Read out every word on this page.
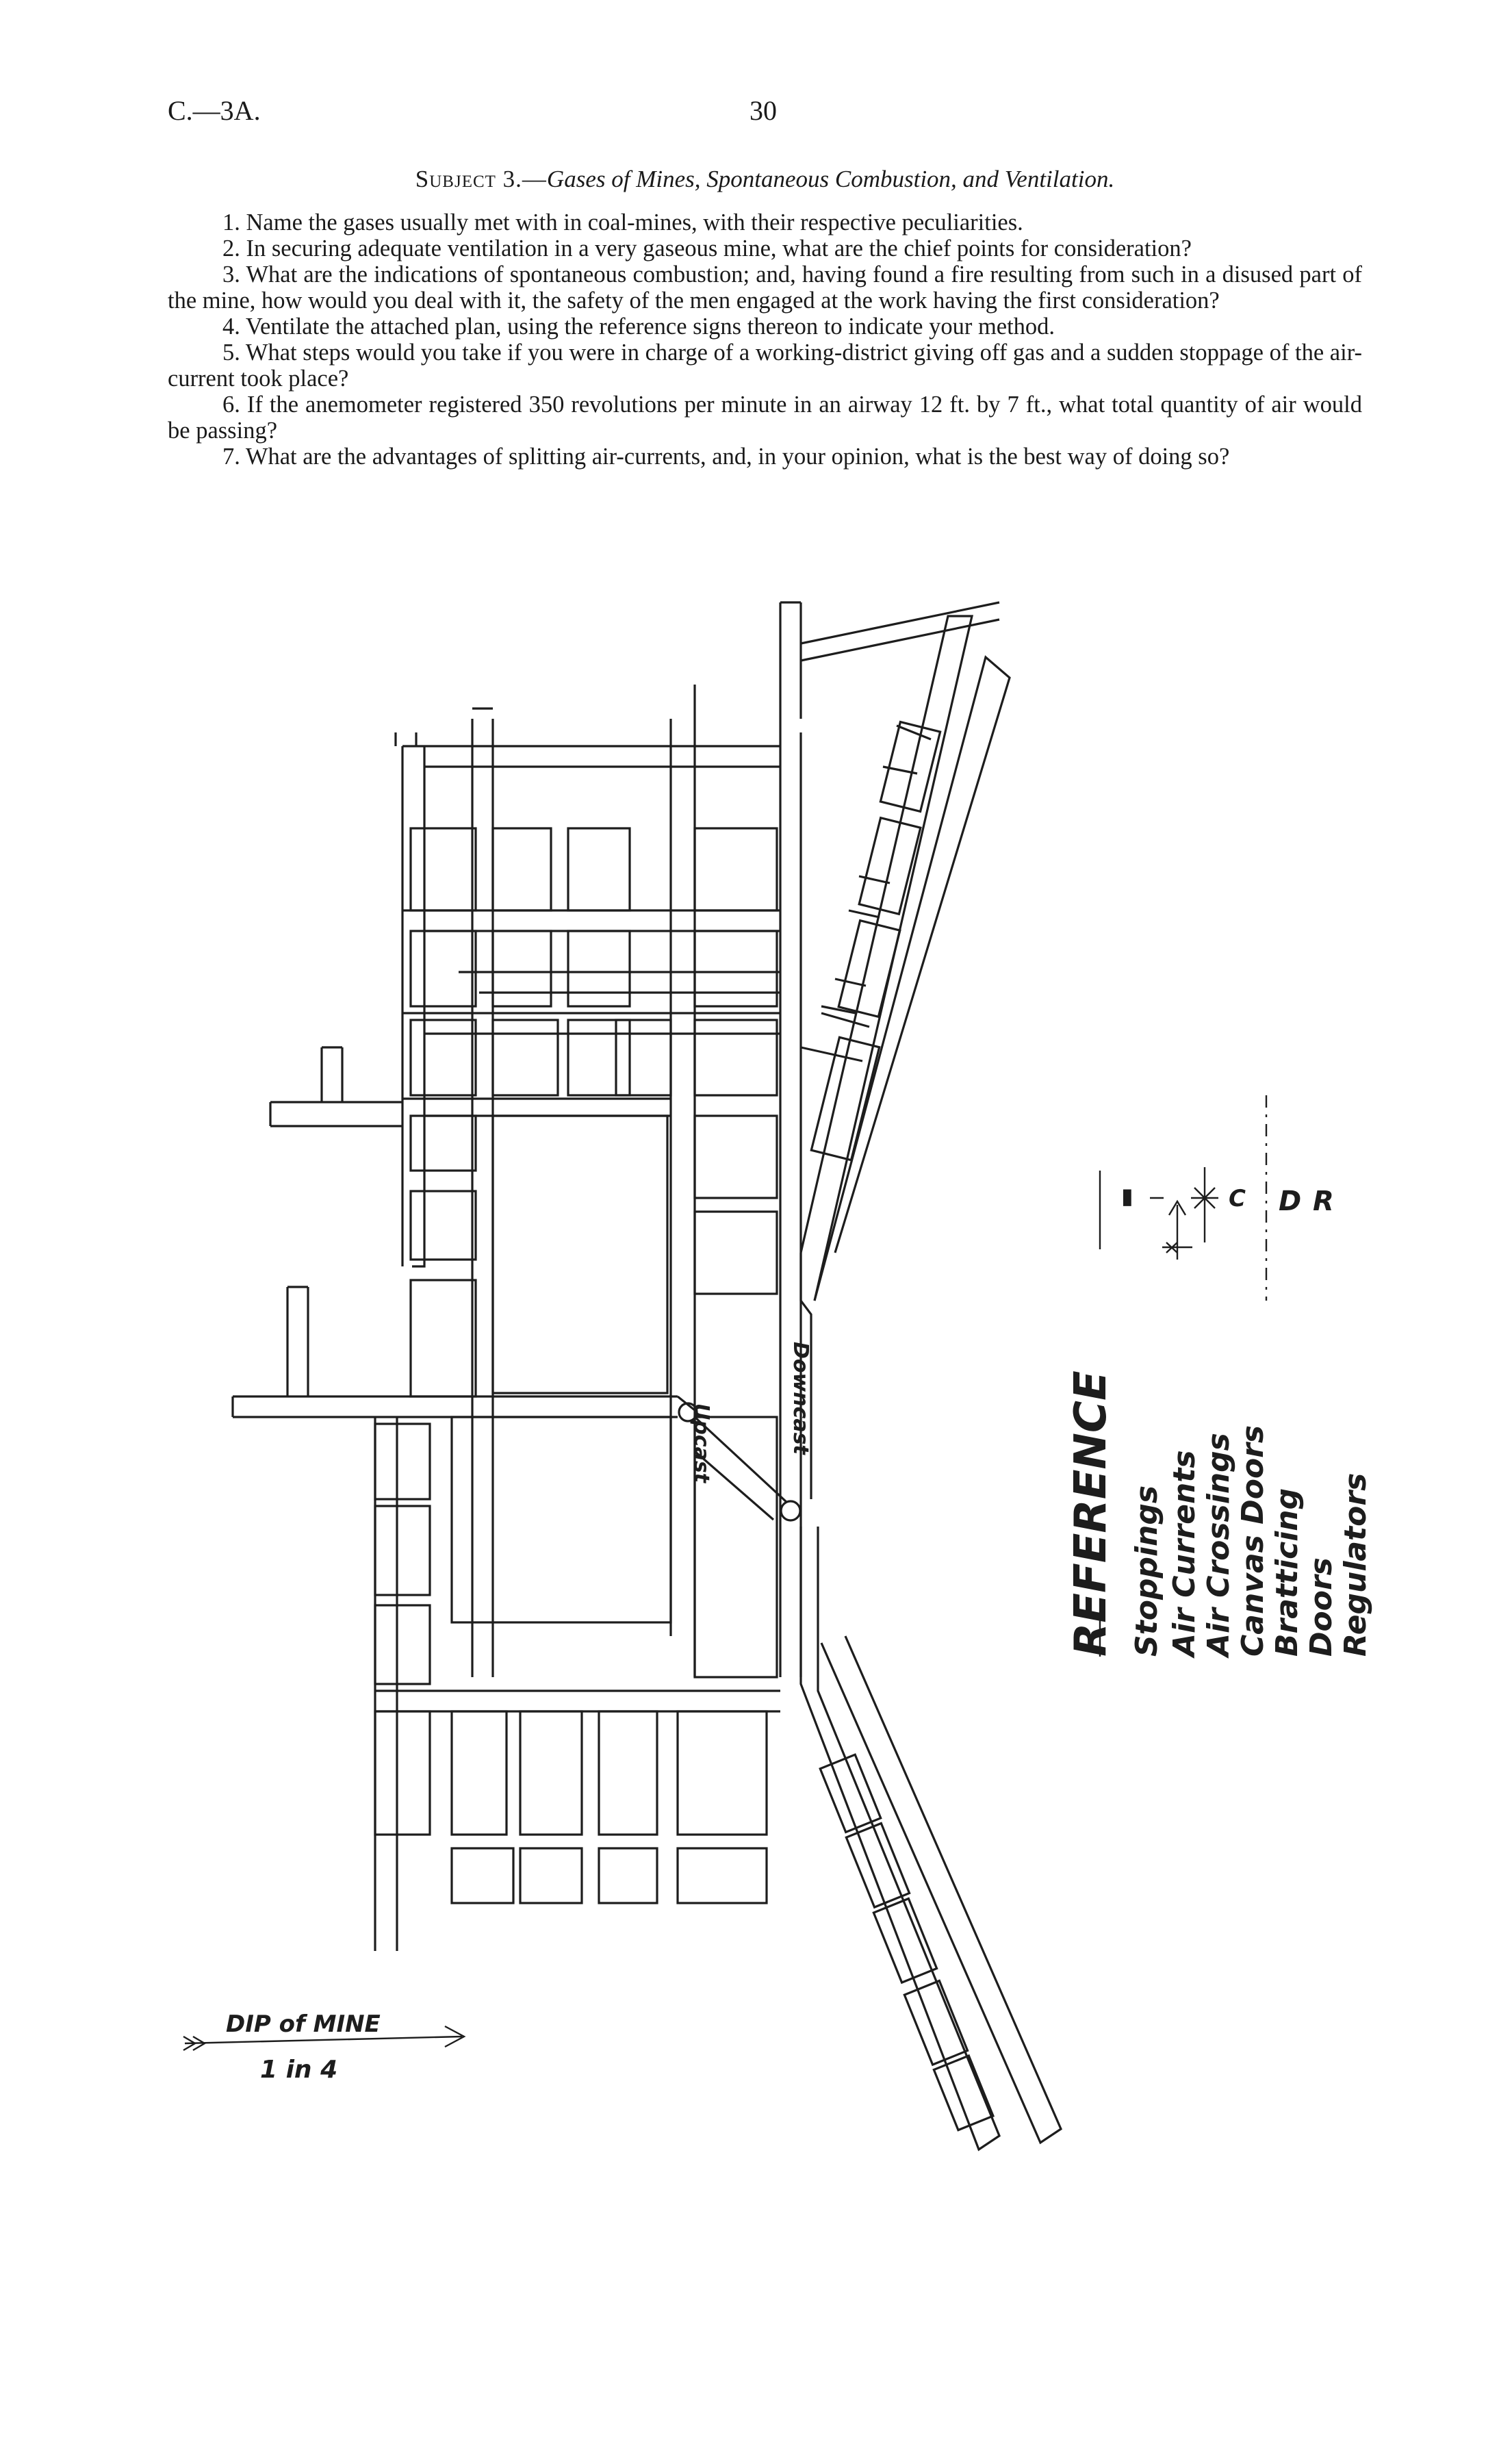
C.—3A.	30
Subject 3.—Gases of Mines, Spontaneous Combustion, and Ventilation.

1. Name the gases usually met with in coal-mines, with their respective peculiarities.

2. In securing adequate ventilation in a very gaseous mine, what are the chief points for consideration?

3. What are the indications of spontaneous combustion; and, having found a fire resulting from such in a disused part of the mine, how would you deal with it, the safety of the men engaged at the work having the first consideration?

4. Ventilate the attached plan, using the reference signs thereon to indicate your method.

5. What steps would you take if you were in charge of a working-district giving off gas and a sudden stoppage of the air-current took place?

6. If the anemometer registered 350 revolutions per minute in an airway 12 ft. by 7 ft., what total quantity of air would be passing?

7. What are the advantages of splitting air-currents, and, in your opinion, what is the best way of doing so?

Upcast	Downcast
DIP of MINE
1 in 4
REFERENCE Stoppings Air Currents Air Crossings Canvas Doors Bratticing Doors Regulators
▮	C D R
